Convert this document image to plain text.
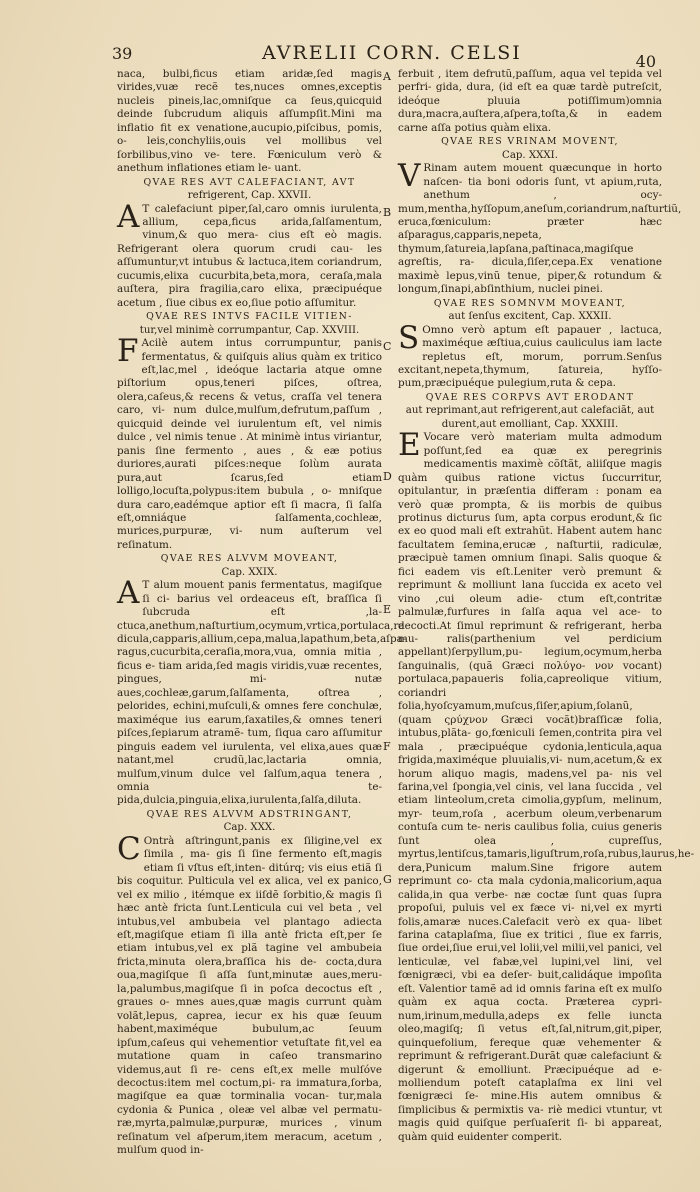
39	AVRELII CORN. CELSI	40
A
B
C
D
E
F
G

naca, bulbi,ficus etiam aridæ,ſed magis virides,vuæ recẽ tes,nuces omnes,exceptis nucleis pineis,lac,omniſque ca ſeus,quicquid deinde ſubcrudum aliquis aſſumpſit.Mini ma inflatio fit ex venatione,aucupio,piſcibus, pomis, o- leis,conchyliis,ouis vel mollibus vel ſorbilibus,vino ve- tere. Fœniculum verò & anethum inflationes etiam le- uant.

QVAE RES AVT CALEFACIANT, AVT

refrigerent, Cap. XXVII.

A T calefaciunt piper,ſal,caro omnis iurulenta, allium, cepa,ficus arida,ſalſamentum, vinum,& quo mera- cius eſt eò magis. Refrigerant olera quorum crudi cau- les aſſumuntur,vt intubus & lactuca,item coriandrum, cucumis,elixa cucurbita,beta,mora, ceraſa,mala auſtera, pira fragilia,caro elixa, præcipuéque acetum , ſiue cibus ex eo,ſiue potio aſſumitur.

QVAE RES INTVS FACILE VITIEN-

tur,vel minimè corrumpantur, Cap. XXVIII.

F Acilè autem intus corrumpuntur, panis fermentatus, & quiſquis alius quàm ex tritico eſt,lac,mel , ideóque lactaria atque omne piſtorium opus,teneri piſces, oſtrea, olera,caſeus,& recens & vetus, craſſa vel tenera caro, vi- num dulce,mulſum,defrutum,paſſum , quicquid deinde vel iurulentum eſt, vel nimis dulce , vel nimis tenue . At minimè intus viriantur, panis ſine fermento , aues , & eæ potius duriores,aurati piſces:neque ſolùm aurata pura,aut ſcarus,ſed etiam lolligo,locuſta,polypus:item bubula , o- mniſque dura caro,eadémque aptior eſt ſi macra, ſi ſalſa eſt,omniáque ſalſamenta,cochleæ, murices,purpuræ, vi- num auſterum vel reſinatum.

QVAE RES ALVVM MOVEANT,

Cap. XXIX.

A T alum mouent panis fermentatus, magiſque ſi ci- barius vel ordeaceus eſt, braſſica ſi ſubcruda eſt ,la- ctuca,anethum,naſturtium,ocymum,vrtica,portulaca,ra dicula,capparis,allium,cepa,malua,lapathum,beta,aſpa- ragus,cucurbita,ceraſia,mora,vua, omnia mitia , ficus e- tiam arida,ſed magis viridis,vuæ recentes, pingues, mi- nutæ aues,cochleæ,garum,ſalſamenta, oſtrea , pelorides, echini,muſculi,& omnes fere conchulæ, maximéque ius earum,ſaxatiles,& omnes teneri piſces,ſepiarum atramẽ- tum, ſiqua caro aſſumitur pinguis eadem vel iurulenta, vel elixa,aues quæ natant,mel crudũ,lac,lactaria omnia, mulſum,vinum dulce vel ſalſum,aqua tenera , omnia te- pida,dulcia,pinguia,elixa,iurulenta,ſalſa,diluta.

QVAE RES ALVVM ADSTRINGANT,

Cap. XXX.

C Ontrà aſtringunt,panis ex ſiligine,vel ex ſimila , ma- gis ſi ſine fermento eſt,magis etiam ſi vſtus eſt,inten- ditúrq; vis eius etiã ſi bis coquitur. Pulticula vel ex alica, vel ex panico, vel ex milio , itémque ex iiſdẽ ſorbitio,& magis ſi hæc antè fricta ſunt.Lenticula cui vel beta , vel intubus,vel ambubeia vel plantago adiecta eſt,magiſque etiam ſi illa antè fricta eſt,per ſe etiam intubus,vel ex plã tagine vel ambubeia fricta,minuta olera,braſſica his de- cocta,dura oua,magiſque ſi aſſa ſunt,minutæ aues,meru- la,palumbus,magiſque ſi in poſca decoctus eſt , graues o- mnes aues,quæ magis currunt quàm volãt,lepus, caprea, iecur ex his quæ ſeuum habent,maximéque bubulum,ac ſeuum ipſum,caſeus qui vehementior vetuſtate fit,vel ea mutatione quam in caſeo transmarino videmus,aut ſi re- cens eſt,ex melle mulſóve decoctus:item mel coctum,pi- ra immatura,ſorba, magiſque ea quæ torminalia vocan- tur,mala cydonia & Punica , oleæ vel albæ vel permatu- ræ,myrta,palmulæ,purpuræ, murices , vinum reſinatum vel aſperum,item meracum, acetum , mulſum quod in-

ferbuit , item defrutũ,paſſum, aqua vel tepida vel perfri- gida, dura, (id eſt ea quæ tardè putreſcit, ideóque pluuia potiſſimum)omnia dura,macra,auſtera,aſpera,toſta,& in eadem carne aſſa potius quàm elixa.

QVAE RES VRINAM MOVENT,

Cap. XXXI.

V Rinam autem mouent quæcunque in horto naſcen- tia boni odoris ſunt, vt apium,ruta, anethum , ocy- mum,mentha,hyſſopum,aneſum,coriandrum,naſturtiũ, eruca,fœniculum: præter hæc aſparagus,capparis,nepeta, thymum,ſatureia,lapſana,paſtinaca,magiſque agreſtis, ra- dicula,ſiſer,cepa.Ex venatione maximè lepus,vinũ tenue, piper,& rotundum & longum,ſinapi,abſinthium, nuclei pinei.

QVAE RES SOMNVM MOVEANT,

aut ſenſus excitent, Cap. XXXII.

S Omno verò aptum eſt papauer , lactuca, maximéque æſtiua,cuius cauliculus iam lacte repletus eſt, morum, porrum.Senſus excitant,nepeta,thymum, ſatureia, hyſſo- pum,præcipuéque pulegium,ruta & cepa.

QVAE RES CORPVS AVT ERODANT

aut reprimant,aut refrigerent,aut calefaciãt, aut durent,aut emolliant, Cap. XXXIII.

E Vocare verò materiam multa admodum poſſunt,ſed ea quæ ex peregrinis medicamentis maximè cõſtãt, aliiſque magis quàm quibus ratione victus ſuccurritur, opitulantur, in præſentia differam : ponam ea verò quæ prompta, & iis morbis de quibus protinus dicturus ſum, apta corpus erodunt,& ſic ex eo quod mali eſt extrahũt. Habent autem hanc facultatem ſemina,erucæ , naſturtii, radiculæ, præcipuè tamen omnium ſinapi. Salis quoque & fici eadem vis eſt.Leniter verò premunt & reprimunt & molliunt lana ſuccida ex aceto vel vino ,cui oleum adie- ctum eſt,contritæ palmulæ,furfures in ſalſa aqua vel ace- to decocti.At ſimul reprimunt & refrigerant, herba mu- ralis(parthenium vel perdicium appellant)ſerpyllum,pu- legium,ocymum,herba ſanguinalis, (quã Græci πολύγο- νον vocant) portulaca,papaueris folia,capreolique vitium, coriandri folia,hyoſcyamum,muſcus,ſiſer,apium,ſolanũ, (quam ςρύχνον Græci vocãt)braſſicæ folia, intubus,plãta- go,fœniculi ſemen,contrita pira vel mala , præcipuéque cydonia,lenticula,aqua frigida,maximéque pluuialis,vi- num,acetum,& ex horum aliquo magis, madens,vel pa- nis vel farina,vel ſpongia,vel cinis, vel lana ſuccida , vel etiam linteolum,creta cimolia,gypſum, melinum, myr- teum,roſa , acerbum oleum,verbenarum contuſa cum te- neris caulibus folia, cuius generis ſunt olea , cupreſſus, myrtus,lentiſcus,tamaris,liguſtrum,roſa,rubus,laurus,he- dera,Punicum malum.Sine frigore autem reprimunt co- cta mala cydonia,malicorium,aqua calida,in qua verbe- næ coctæ ſunt quas ſupra propoſui, puluis vel ex fæce vi- ni,vel ex myrti folis,amaræ nuces.Calefacit verò ex qua- libet farina cataplaſma, ſiue ex tritici , ſiue ex farris, ſiue ordei,ſiue erui,vel lolii,vel milii,vel panici, vel lenticulæ, vel fabæ,vel lupini,vel lini, vel fœnigræci, vbi ea deſer- buit,calidáque impoſita eſt. Valentior tamẽ ad id omnis farina eſt ex mulſo quàm ex aqua cocta. Præterea cypri- num,irinum,medulla,adeps ex felle iuncta oleo,magiſq; ſi vetus eſt,ſal,nitrum,git,piper, quinquefolium, fereque quæ vehementer & reprimunt & refrigerant.Durãt quæ calefaciunt & digerunt & emolliunt. Præcipuéque ad e- molliendum poteſt cataplaſma ex lini vel fœnigræci ſe- mine.His autem omnibus & ſimplicibus & permixtis va- riè medici vtuntur, vt magis quid quiſque perſuaſerit ſi- bi appareat, quàm quid euidenter comperit.
